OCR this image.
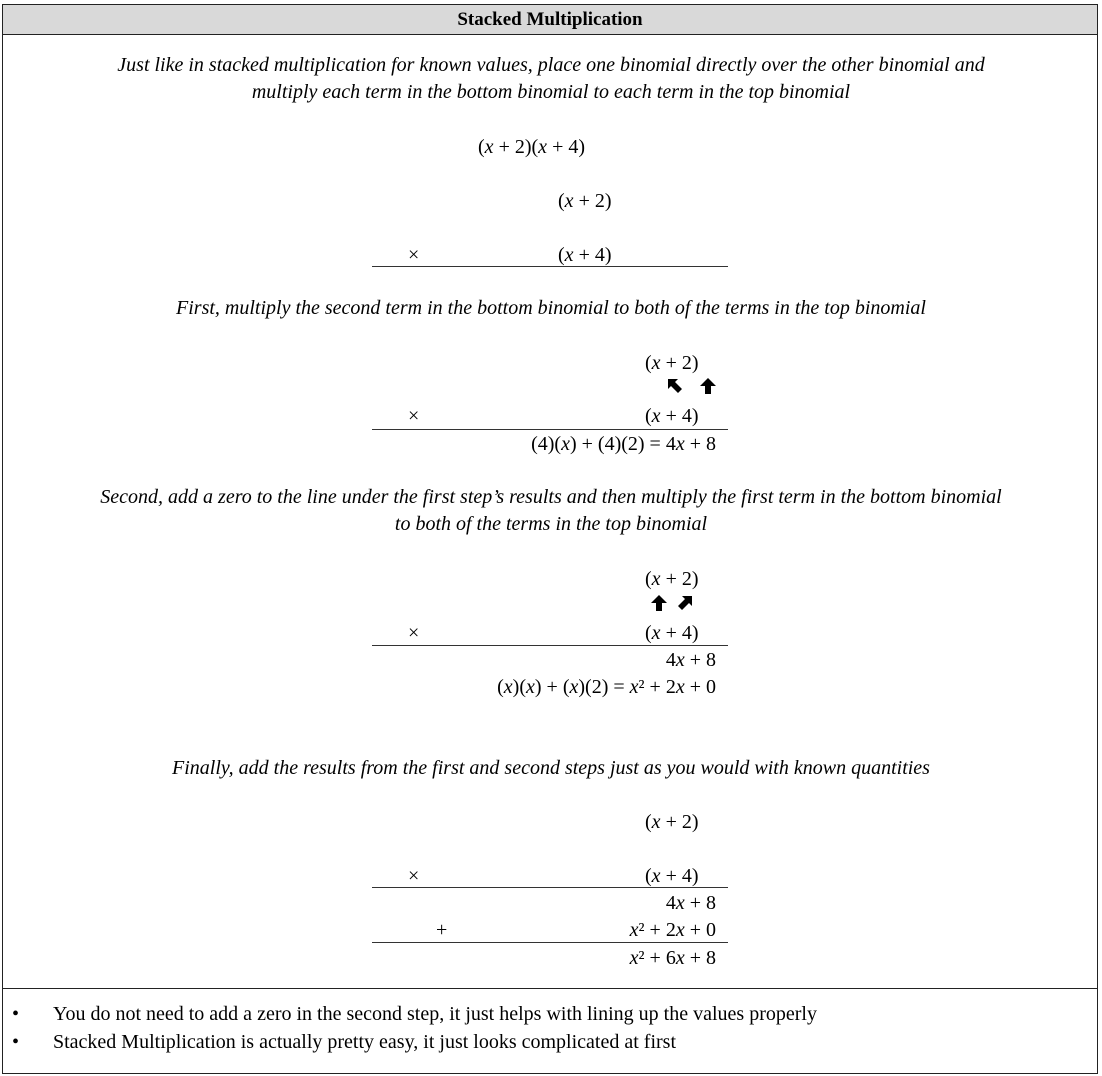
Stacked Multiplication
Just like in stacked multiplication for known values, place one binomial directly over the other binomial and
multiply each term in the bottom binomial to each term in the top binomial
(x + 2)(x + 4)
(x + 2)
×	(x + 4)
First, multiply the second term in the bottom binomial to both of the terms in the top binomial
(x + 2)
×	(x + 4)
(4)(x) + (4)(2) = 4x + 8
Second, add a zero to the line under the first step’s results and then multiply the first term in the bottom binomial
to both of the terms in the top binomial
(x + 2)
×	(x + 4)
4x + 8
(x)(x) + (x)(2) = x² + 2x + 0
Finally, add the results from the first and second steps just as you would with known quantities
(x + 2)
×	(x + 4)
4x + 8
+	x² + 2x + 0
x² + 6x + 8
• You do not need to add a zero in the second step, it just helps with lining up the values properly
• Stacked Multiplication is actually pretty easy, it just looks complicated at first
